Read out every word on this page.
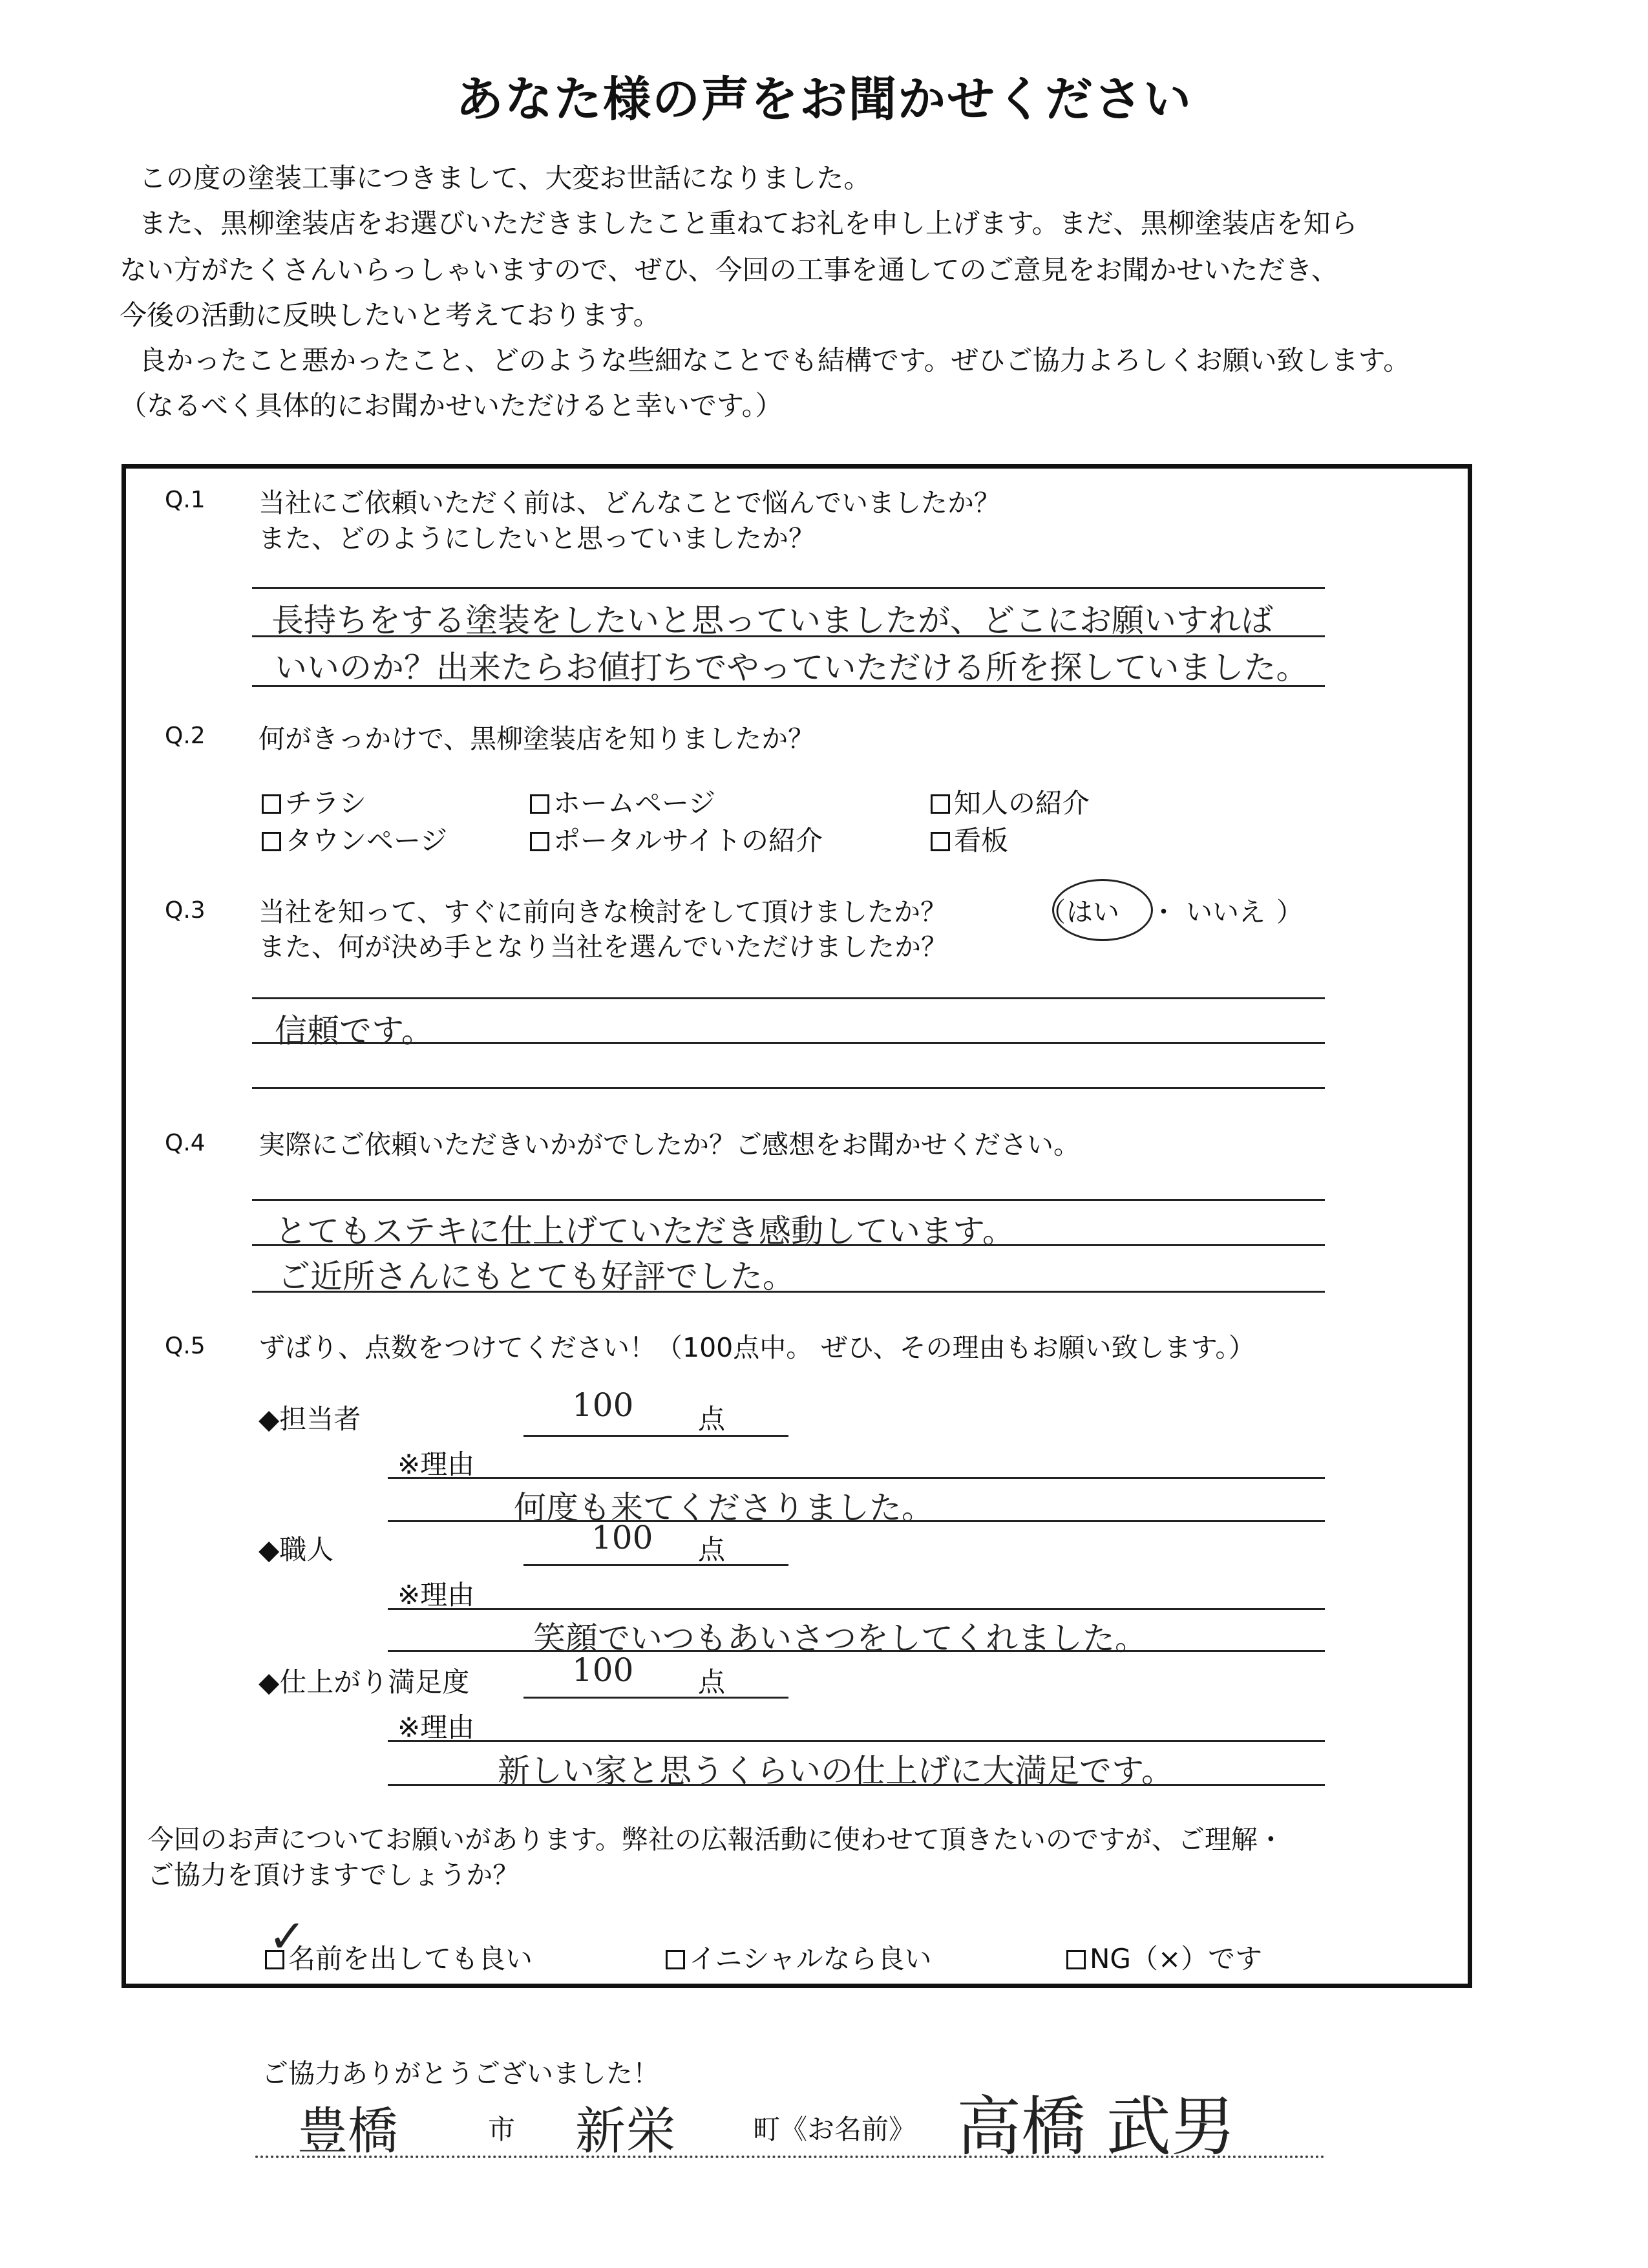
あなた様の声をお聞かせください
この度の塗装工事につきまして、大変お世話になりました。
また、黒柳塗装店をお選びいただきましたこと重ねてお礼を申し上げます。まだ、黒柳塗装店を知ら
ない方がたくさんいらっしゃいますので、ぜひ、今回の工事を通してのご意見をお聞かせいただき、
今後の活動に反映したいと考えております。
良かったこと悪かったこと、どのような些細なことでも結構です。ぜひご協力よろしくお願い致します。
（なるべく具体的にお聞かせいただけると幸いです。）
Q.1 当社にご依頼いただく前は、どんなことで悩んでいましたか？
また、どのようにしたいと思っていましたか？
長持ちをする塗装をしたいと思っていましたが、どこにお願いすれば
いいのか？出来たらお値打ちでやっていただける所を探していました。
Q.2 何がきっかけで、黒柳塗装店を知りましたか？
チラシ	ホームページ	知人の紹介
タウンページ	ポータルサイトの紹介	看板
Q.3 当社を知って、すぐに前向きな検討をして頂けましたか？	（ はい ・ いいえ ）
また、何が決め手となり当社を選んでいただけましたか？
信頼です。
Q.4 実際にご依頼いただきいかがでしたか？ご感想をお聞かせください。
とてもステキに仕上げていただき感動しています。
ご近所さんにもとても好評でした。
Q.5 ずばり、点数をつけてください！（100点中。 ぜひ、その理由もお願い致します。）
◆担当者	100 点
※理由
何度も来てくださりました。
◆職人	100 点
※理由
笑顔でいつもあいさつをしてくれました。
◆仕上がり満足度	100 点
※理由
新しい家と思うくらいの仕上げに大満足です。
今回のお声についてお願いがあります。弊社の広報活動に使わせて頂きたいのですが、ご理解・
ご協力を頂けますでしょうか？
名前を出しても良い
✓	イニシャルなら良い	NG（×）です
ご協力ありがとうございました！
豊橋	市 新栄	町《お名前》 高橋 武男
